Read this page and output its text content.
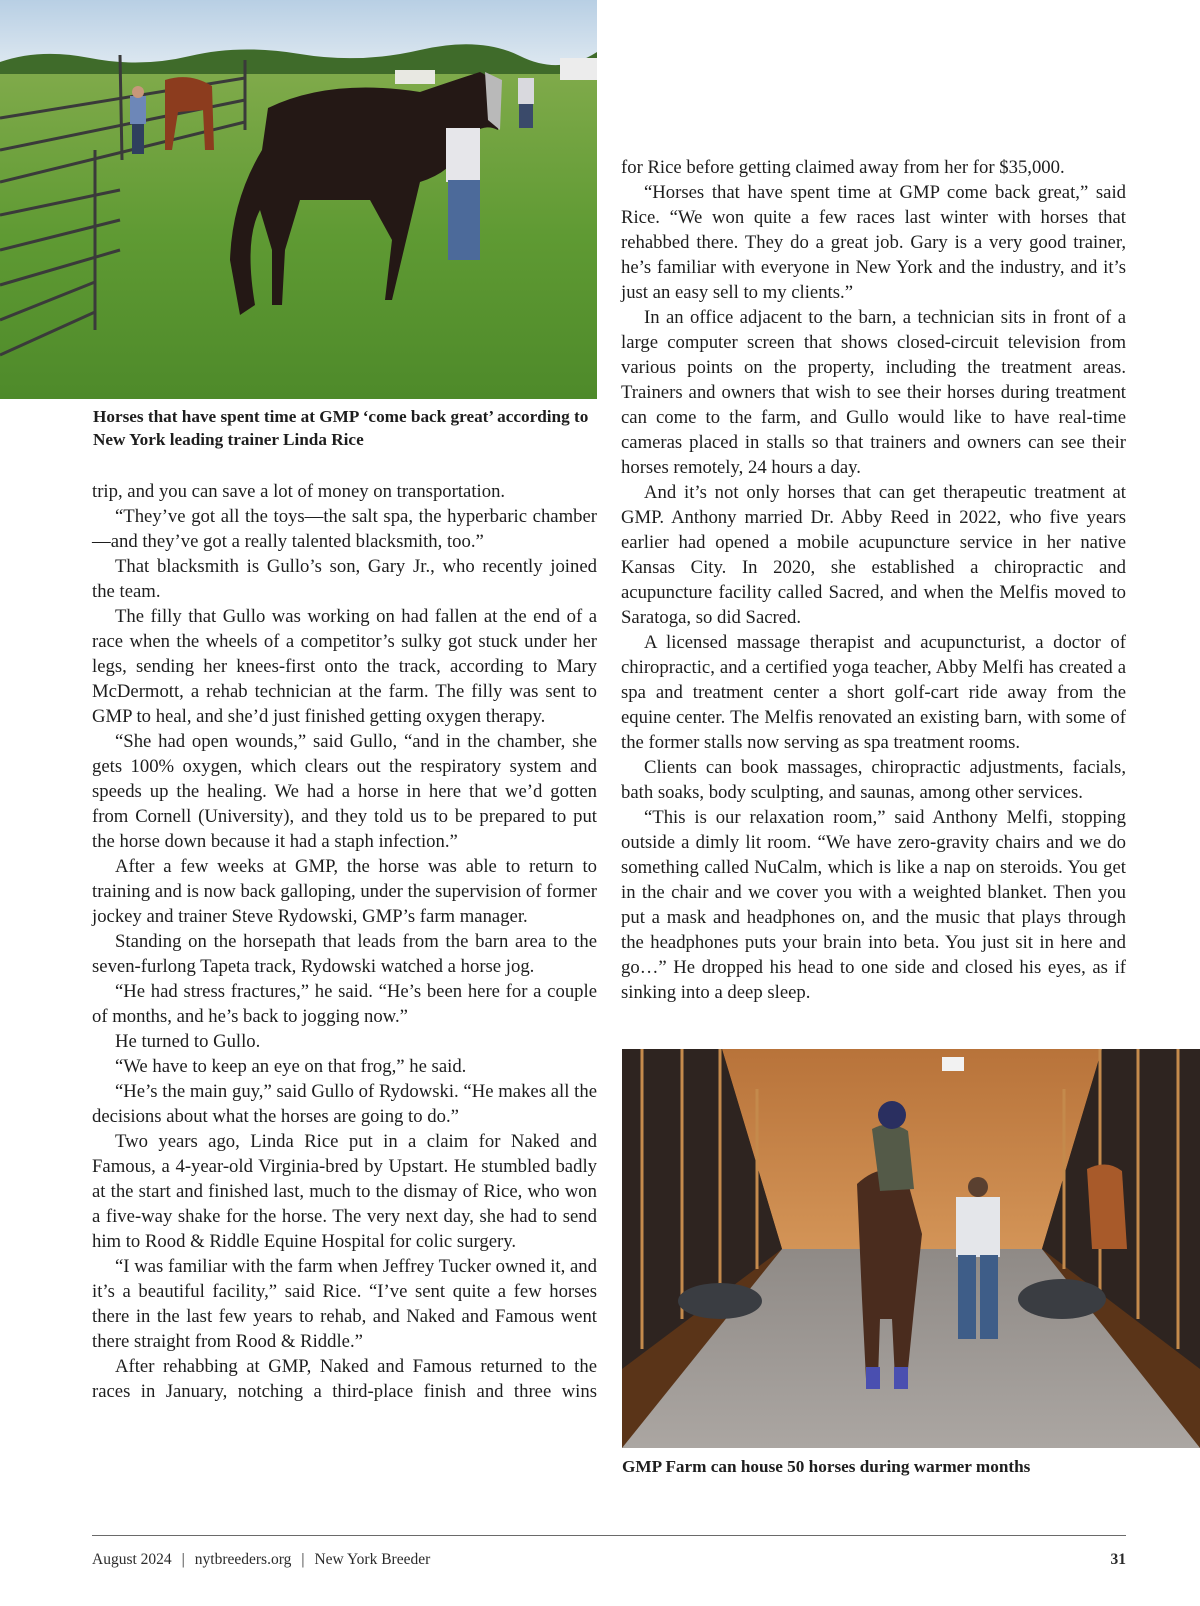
Horses that have spent time at GMP ‘come back great’ according to New York leading trainer Linda Rice

trip, and you can save a lot of money on transportation.

“They’ve got all the toys—the salt spa, the hyperbaric chamber—and they’ve got a really talented blacksmith, too.”

That blacksmith is Gullo’s son, Gary Jr., who recently joined the team.

The filly that Gullo was working on had fallen at the end of a race when the wheels of a competitor’s sulky got stuck under her legs, sending her knees-first onto the track, according to Mary McDermott, a rehab technician at the farm. The filly was sent to GMP to heal, and she’d just finished getting oxygen therapy.

“She had open wounds,” said Gullo, “and in the chamber, she gets 100% oxygen, which clears out the respiratory system and speeds up the healing. We had a horse in here that we’d gotten from Cornell (University), and they told us to be prepared to put the horse down because it had a staph infection.”

After a few weeks at GMP, the horse was able to return to training and is now back galloping, under the supervision of former jockey and trainer Steve Rydowski, GMP’s farm manager.

Standing on the horsepath that leads from the barn area to the seven-furlong Tapeta track, Rydowski watched a horse jog.

“He had stress fractures,” he said. “He’s been here for a couple of months, and he’s back to jogging now.”

He turned to Gullo.

“We have to keep an eye on that frog,” he said.

“He’s the main guy,” said Gullo of Rydowski. “He makes all the decisions about what the horses are going to do.”

Two years ago, Linda Rice put in a claim for Naked and Famous, a 4-year-old Virginia-bred by Upstart. He stumbled badly at the start and finished last, much to the dismay of Rice, who won a five-way shake for the horse. The very next day, she had to send him to Rood & Riddle Equine Hospital for colic surgery.

“I was familiar with the farm when Jeffrey Tucker owned it, and it’s a beautiful facility,” said Rice. “I’ve sent quite a few horses there in the last few years to rehab, and Naked and Famous went there straight from Rood & Riddle.”

After rehabbing at GMP, Naked and Famous returned to the races in January, notching a third-place finish and three wins

for Rice before getting claimed away from her for $35,000.

“Horses that have spent time at GMP come back great,” said Rice. “We won quite a few races last winter with horses that rehabbed there. They do a great job. Gary is a very good trainer, he’s familiar with everyone in New York and the industry, and it’s just an easy sell to my clients.”

In an office adjacent to the barn, a technician sits in front of a large computer screen that shows closed-circuit television from various points on the property, including the treatment areas. Trainers and owners that wish to see their horses during treatment can come to the farm, and Gullo would like to have real-time cameras placed in stalls so that trainers and owners can see their horses remotely, 24 hours a day.

And it’s not only horses that can get therapeutic treatment at GMP. Anthony married Dr. Abby Reed in 2022, who five years earlier had opened a mobile acupuncture service in her native Kansas City. In 2020, she established a chiropractic and acupuncture facility called Sacred, and when the Melfis moved to Saratoga, so did Sacred.

A licensed massage therapist and acupuncturist, a doctor of chiropractic, and a certified yoga teacher, Abby Melfi has created a spa and treatment center a short golf-cart ride away from the equine center. The Melfis renovated an existing barn, with some of the former stalls now serving as spa treatment rooms.

Clients can book massages, chiropractic adjustments, facials, bath soaks, body sculpting, and saunas, among other services.

“This is our relaxation room,” said Anthony Melfi, stopping outside a dimly lit room. “We have zero-gravity chairs and we do something called NuCalm, which is like a nap on steroids. You get in the chair and we cover you with a weighted blanket. Then you put a mask and headphones on, and the music that plays through the headphones puts your brain into beta. You just sit in here and go…” He dropped his head to one side and closed his eyes, as if sinking into a deep sleep.

GMP Farm can house 50 horses during warmer months
August 2024 | nytbreeders.org | New York Breeder	31
